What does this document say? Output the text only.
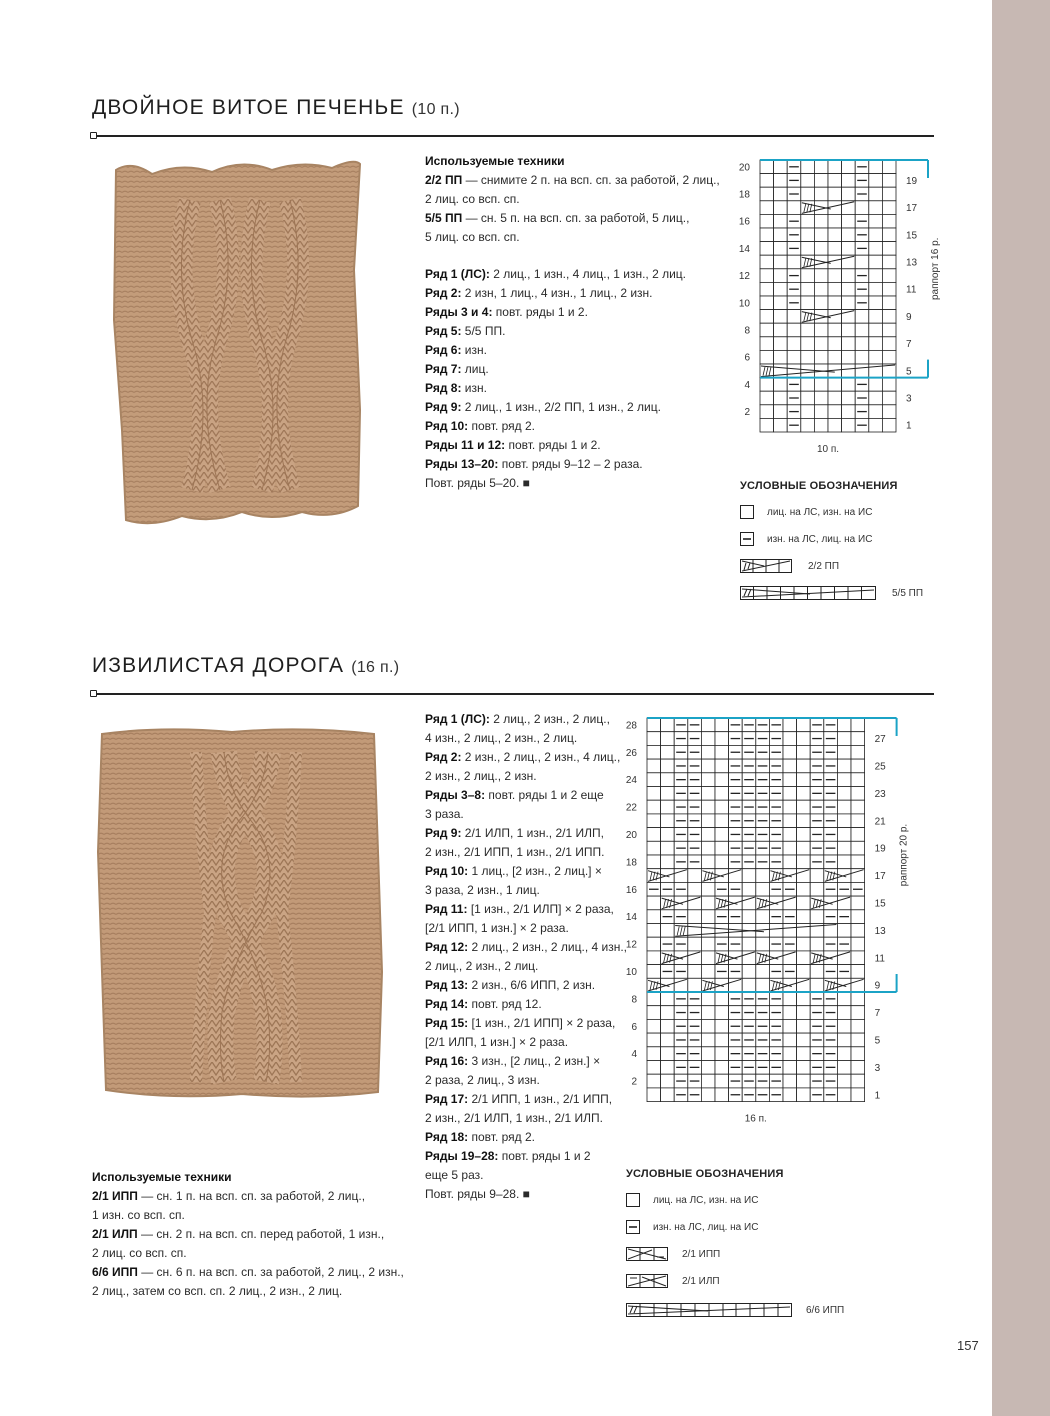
ДВОЙНОЕ ВИТОЕ ПЕЧЕНЬЕ (10 п.)
Используемые техники
2/2 ПП — снимите 2 п. на всп. сп. за работой, 2 лиц.,
2 лиц. со всп. сп.
5/5 ПП — сн. 5 п. на всп. сп. за работой, 5 лиц.,
5 лиц. со всп. сп.
Ряд 1 (ЛС): 2 лиц., 1 изн., 4 лиц., 1 изн., 2 лиц.
Ряд 2: 2 изн, 1 лиц., 4 изн., 1 лиц., 2 изн.
Ряды 3 и 4: повт. ряды 1 и 2.
Ряд 5: 5/5 ПП.
Ряд 6: изн.
Ряд 7: лиц.
Ряд 8: изн.
Ряд 9: 2 лиц., 1 изн., 2/2 ПП, 1 изн., 2 лиц.
Ряд 10: повт. ряд 2.
Ряды 11 и 12: повт. ряды 1 и 2.
Ряды 13–20: повт. ряды 9–12 – 2 раза.
Повт. ряды 5–20. ■
20
18
16
14
12
10
8
6
4
2
19
17
15
13
11
9
7
5
3
1
10 п.
раппорт 16 р.
УСЛОВНЫЕ ОБОЗНАЧЕНИЯ
лиц. на ЛС, изн. на ИС
изн. на ЛС, лиц. на ИС
2/2 ПП
5/5 ПП
ИЗВИЛИСТАЯ ДОРОГА (16 п.)
Ряд 1 (ЛС): 2 лиц., 2 изн., 2 лиц.,
4 изн., 2 лиц., 2 изн., 2 лиц.
Ряд 2: 2 изн., 2 лиц., 2 изн., 4 лиц.,
2 изн., 2 лиц., 2 изн.
Ряды 3–8: повт. ряды 1 и 2 еще
3 раза.
Ряд 9: 2/1 ИЛП, 1 изн., 2/1 ИЛП,
2 изн., 2/1 ИПП, 1 изн., 2/1 ИПП.
Ряд 10: 1 лиц., [2 изн., 2 лиц.] ×
3 раза, 2 изн., 1 лиц.
Ряд 11: [1 изн., 2/1 ИЛП] × 2 раза,
[2/1 ИПП, 1 изн.] × 2 раза.
Ряд 12: 2 лиц., 2 изн., 2 лиц., 4 изн.,
2 лиц., 2 изн., 2 лиц.
Ряд 13: 2 изн., 6/6 ИПП, 2 изн.
Ряд 14: повт. ряд 12.
Ряд 15: [1 изн., 2/1 ИПП] × 2 раза,
[2/1 ИЛП, 1 изн.] × 2 раза.
Ряд 16: 3 изн., [2 лиц., 2 изн.] ×
2 раза, 2 лиц., 3 изн.
Ряд 17: 2/1 ИПП, 1 изн., 2/1 ИПП,
2 изн., 2/1 ИЛП, 1 изн., 2/1 ИЛП.
Ряд 18: повт. ряд 2.
Ряды 19–28: повт. ряды 1 и 2
еще 5 раз.
Повт. ряды 9–28. ■
Используемые техники
2/1 ИПП — сн. 1 п. на всп. сп. за работой, 2 лиц.,
1 изн. со всп. сп.
2/1 ИЛП — сн. 2 п. на всп. сп. перед работой, 1 изн.,
2 лиц. со всп. сп.
6/6 ИПП — сн. 6 п. на всп. сп. за работой, 2 лиц., 2 изн.,
2 лиц., затем со всп. сп. 2 лиц., 2 изн., 2 лиц.
28
26
24
22
20
18
16
14
12
10
8
6
4
2
27
25
23
21
19
17
15
13
11
9
7
5
3
1
16 п.
раппорт 20 р.
УСЛОВНЫЕ ОБОЗНАЧЕНИЯ
лиц. на ЛС, изн. на ИС
изн. на ЛС, лиц. на ИС
2/1 ИПП
2/1 ИЛП
6/6 ИПП
157
